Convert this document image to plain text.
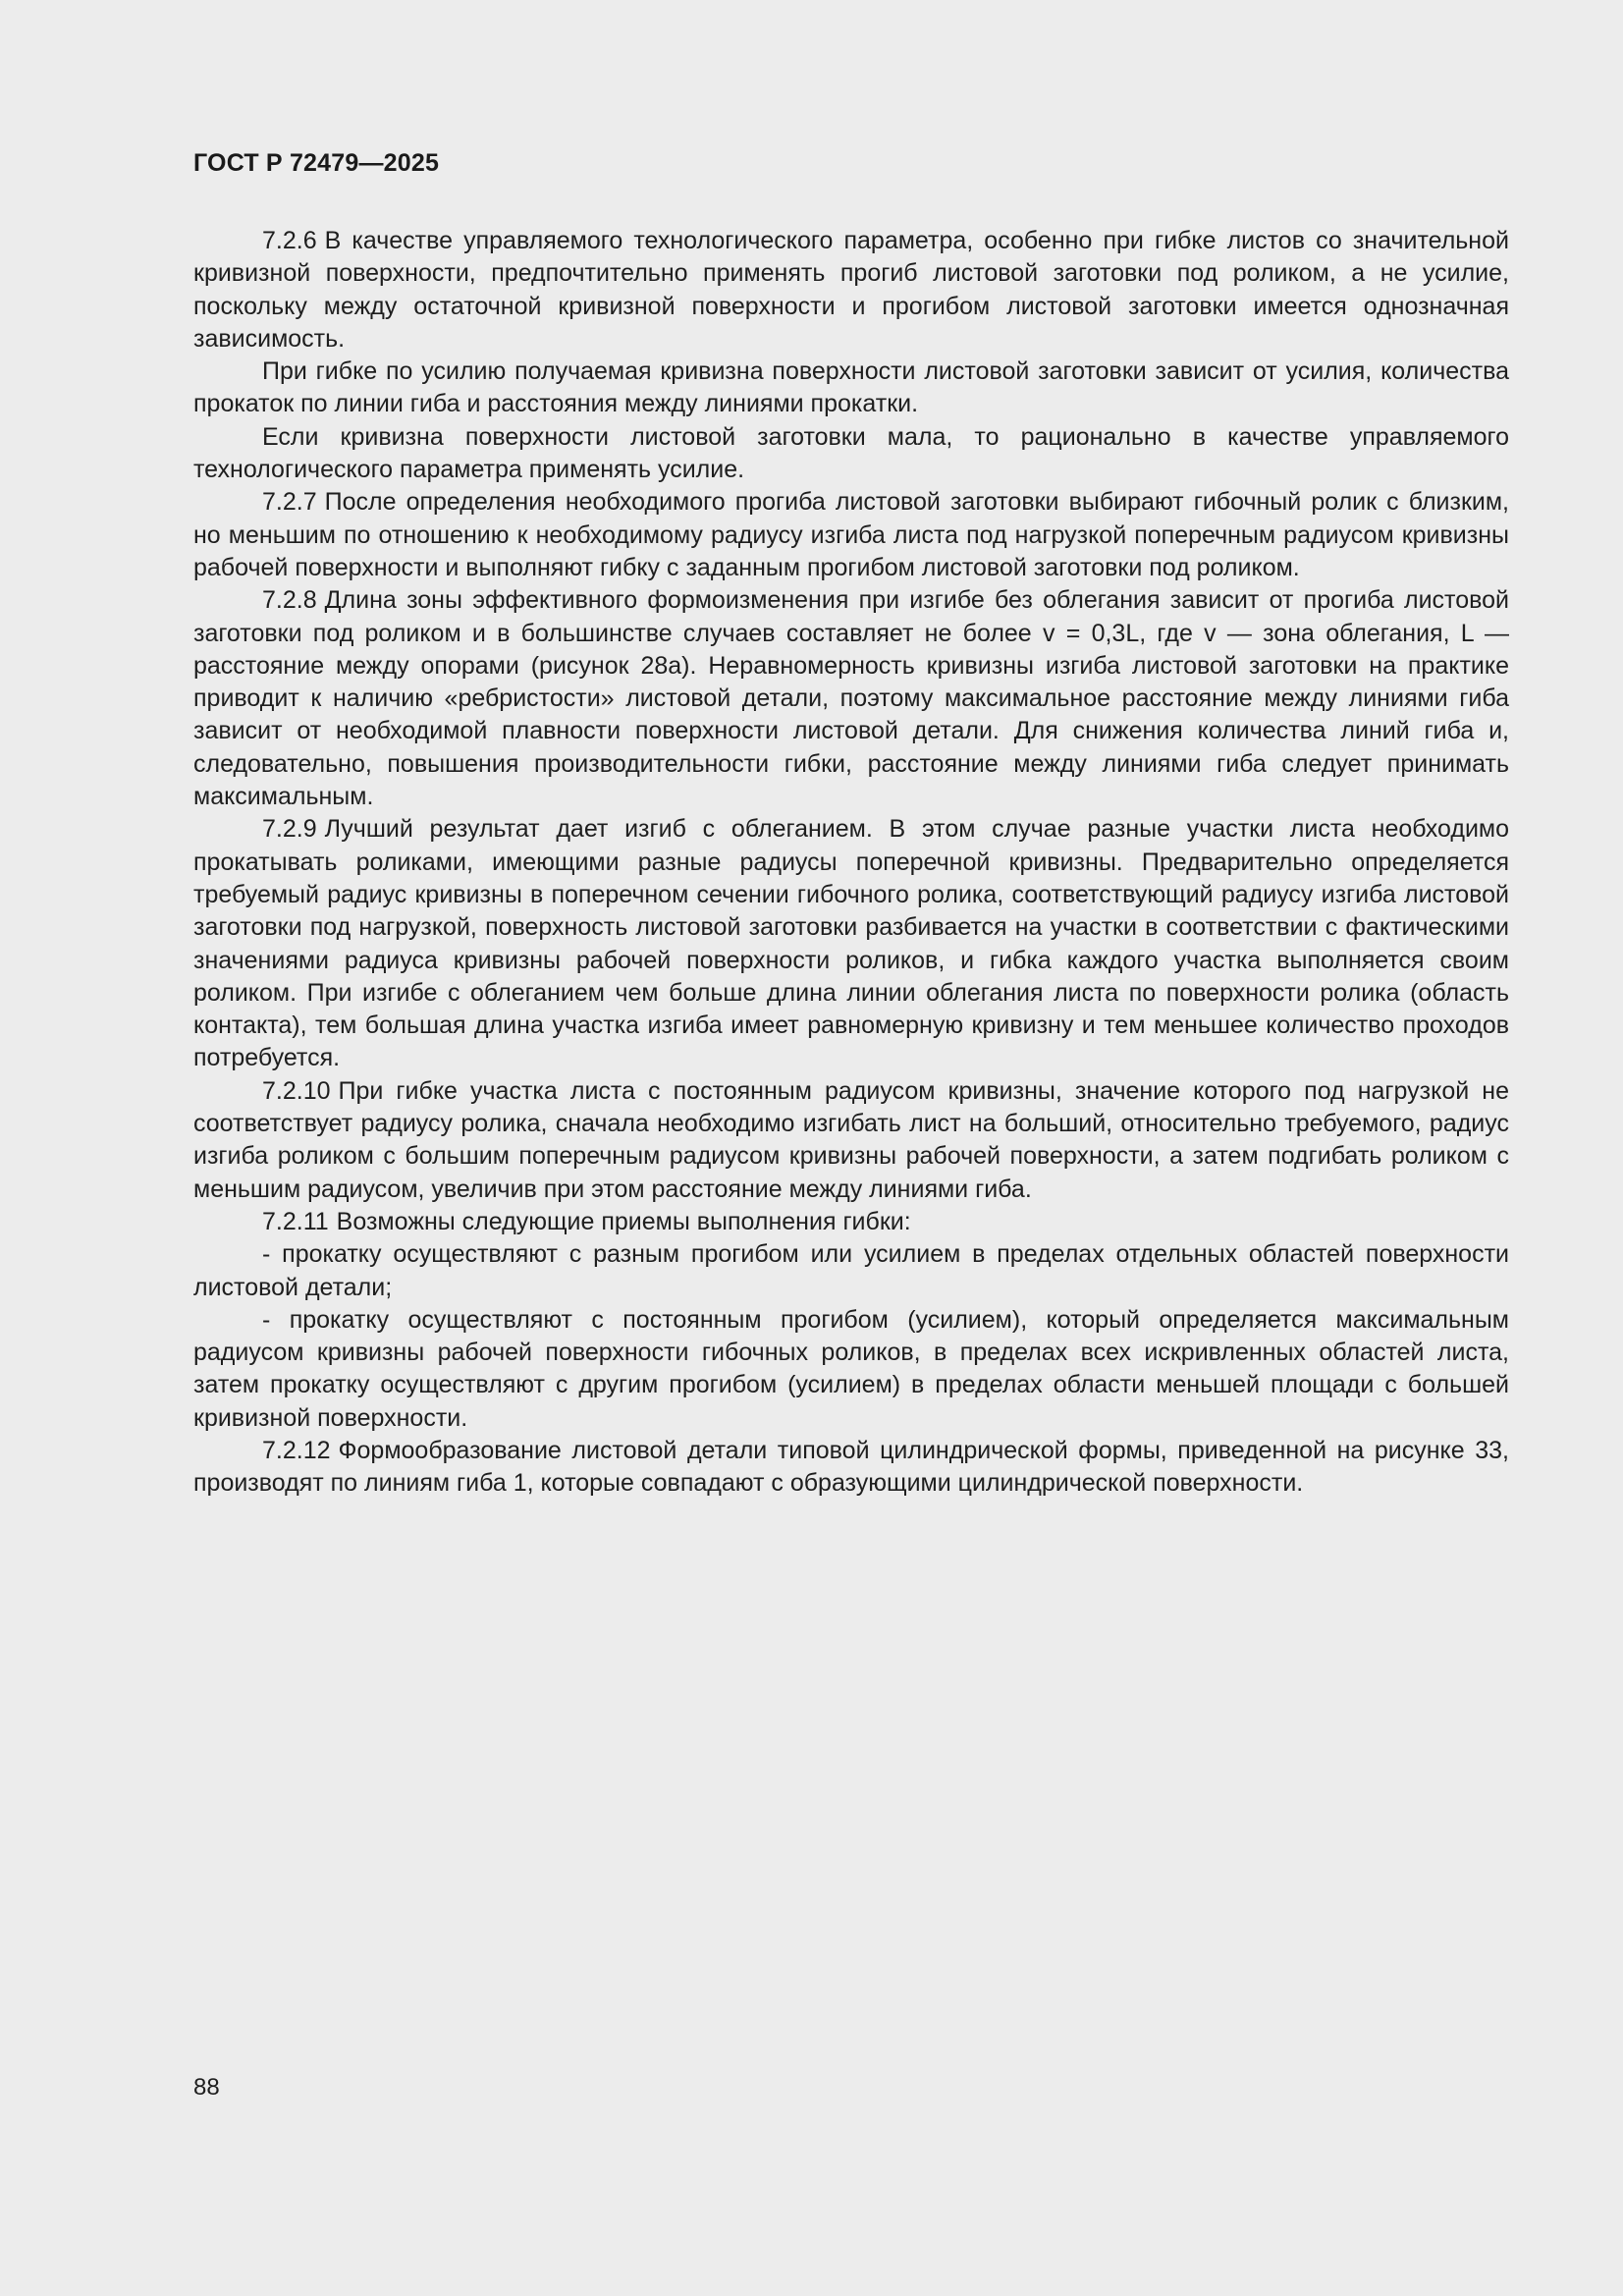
ГОСТ Р 72479—2025

7.2.6 В качестве управляемого технологического параметра, особенно при гибке листов со значительной кривизной поверхности, предпочтительно применять прогиб листовой заготовки под роликом, а не усилие, поскольку между остаточной кривизной поверхности и прогибом листовой заготовки имеется однозначная зависимость.

При гибке по усилию получаемая кривизна поверхности листовой заготовки зависит от усилия, количества прокаток по линии гиба и расстояния между линиями прокатки.

Если кривизна поверхности листовой заготовки мала, то рационально в качестве управляемого технологического параметра применять усилие.

7.2.7 После определения необходимого прогиба листовой заготовки выбирают гибочный ролик с близким, но меньшим по отношению к необходимому радиусу изгиба листа под нагрузкой поперечным радиусом кривизны рабочей поверхности и выполняют гибку с заданным прогибом листовой заготовки под роликом.

7.2.8 Длина зоны эффективного формоизменения при изгибе без облегания зависит от прогиба листовой заготовки под роликом и в большинстве случаев составляет не более v = 0,3L, где v — зона облегания, L — расстояние между опорами (рисунок 28а). Неравномерность кривизны изгиба листовой заготовки на практике приводит к наличию «ребристости» листовой детали, поэтому максимальное расстояние между линиями гиба зависит от необходимой плавности поверхности листовой детали. Для снижения количества линий гиба и, следовательно, повышения производительности гибки, расстояние между линиями гиба следует принимать максимальным.

7.2.9 Лучший результат дает изгиб с облеганием. В этом случае разные участки листа необходимо прокатывать роликами, имеющими разные радиусы поперечной кривизны. Предварительно определяется требуемый радиус кривизны в поперечном сечении гибочного ролика, соответствующий радиусу изгиба листовой заготовки под нагрузкой, поверхность листовой заготовки разбивается на участки в соответствии с фактическими значениями радиуса кривизны рабочей поверхности роликов, и гибка каждого участка выполняется своим роликом. При изгибе с облеганием чем больше длина линии облегания листа по поверхности ролика (область контакта), тем большая длина участка изгиба имеет равномерную кривизну и тем меньшее количество проходов потребуется.

7.2.10 При гибке участка листа с постоянным радиусом кривизны, значение которого под нагрузкой не соответствует радиусу ролика, сначала необходимо изгибать лист на больший, относительно требуемого, радиус изгиба роликом с большим поперечным радиусом кривизны рабочей поверхности, а затем подгибать роликом с меньшим радиусом, увеличив при этом расстояние между линиями гиба.

7.2.11 Возможны следующие приемы выполнения гибки:

- прокатку осуществляют с разным прогибом или усилием в пределах отдельных областей поверхности листовой детали;

- прокатку осуществляют с постоянным прогибом (усилием), который определяется максимальным радиусом кривизны рабочей поверхности гибочных роликов, в пределах всех искривленных областей листа, затем прокатку осуществляют с другим прогибом (усилием) в пределах области меньшей площади с большей кривизной поверхности.

7.2.12 Формообразование листовой детали типовой цилиндрической формы, приведенной на рисунке 33, производят по линиям гиба 1, которые совпадают с образующими цилиндрической поверхности.

88
